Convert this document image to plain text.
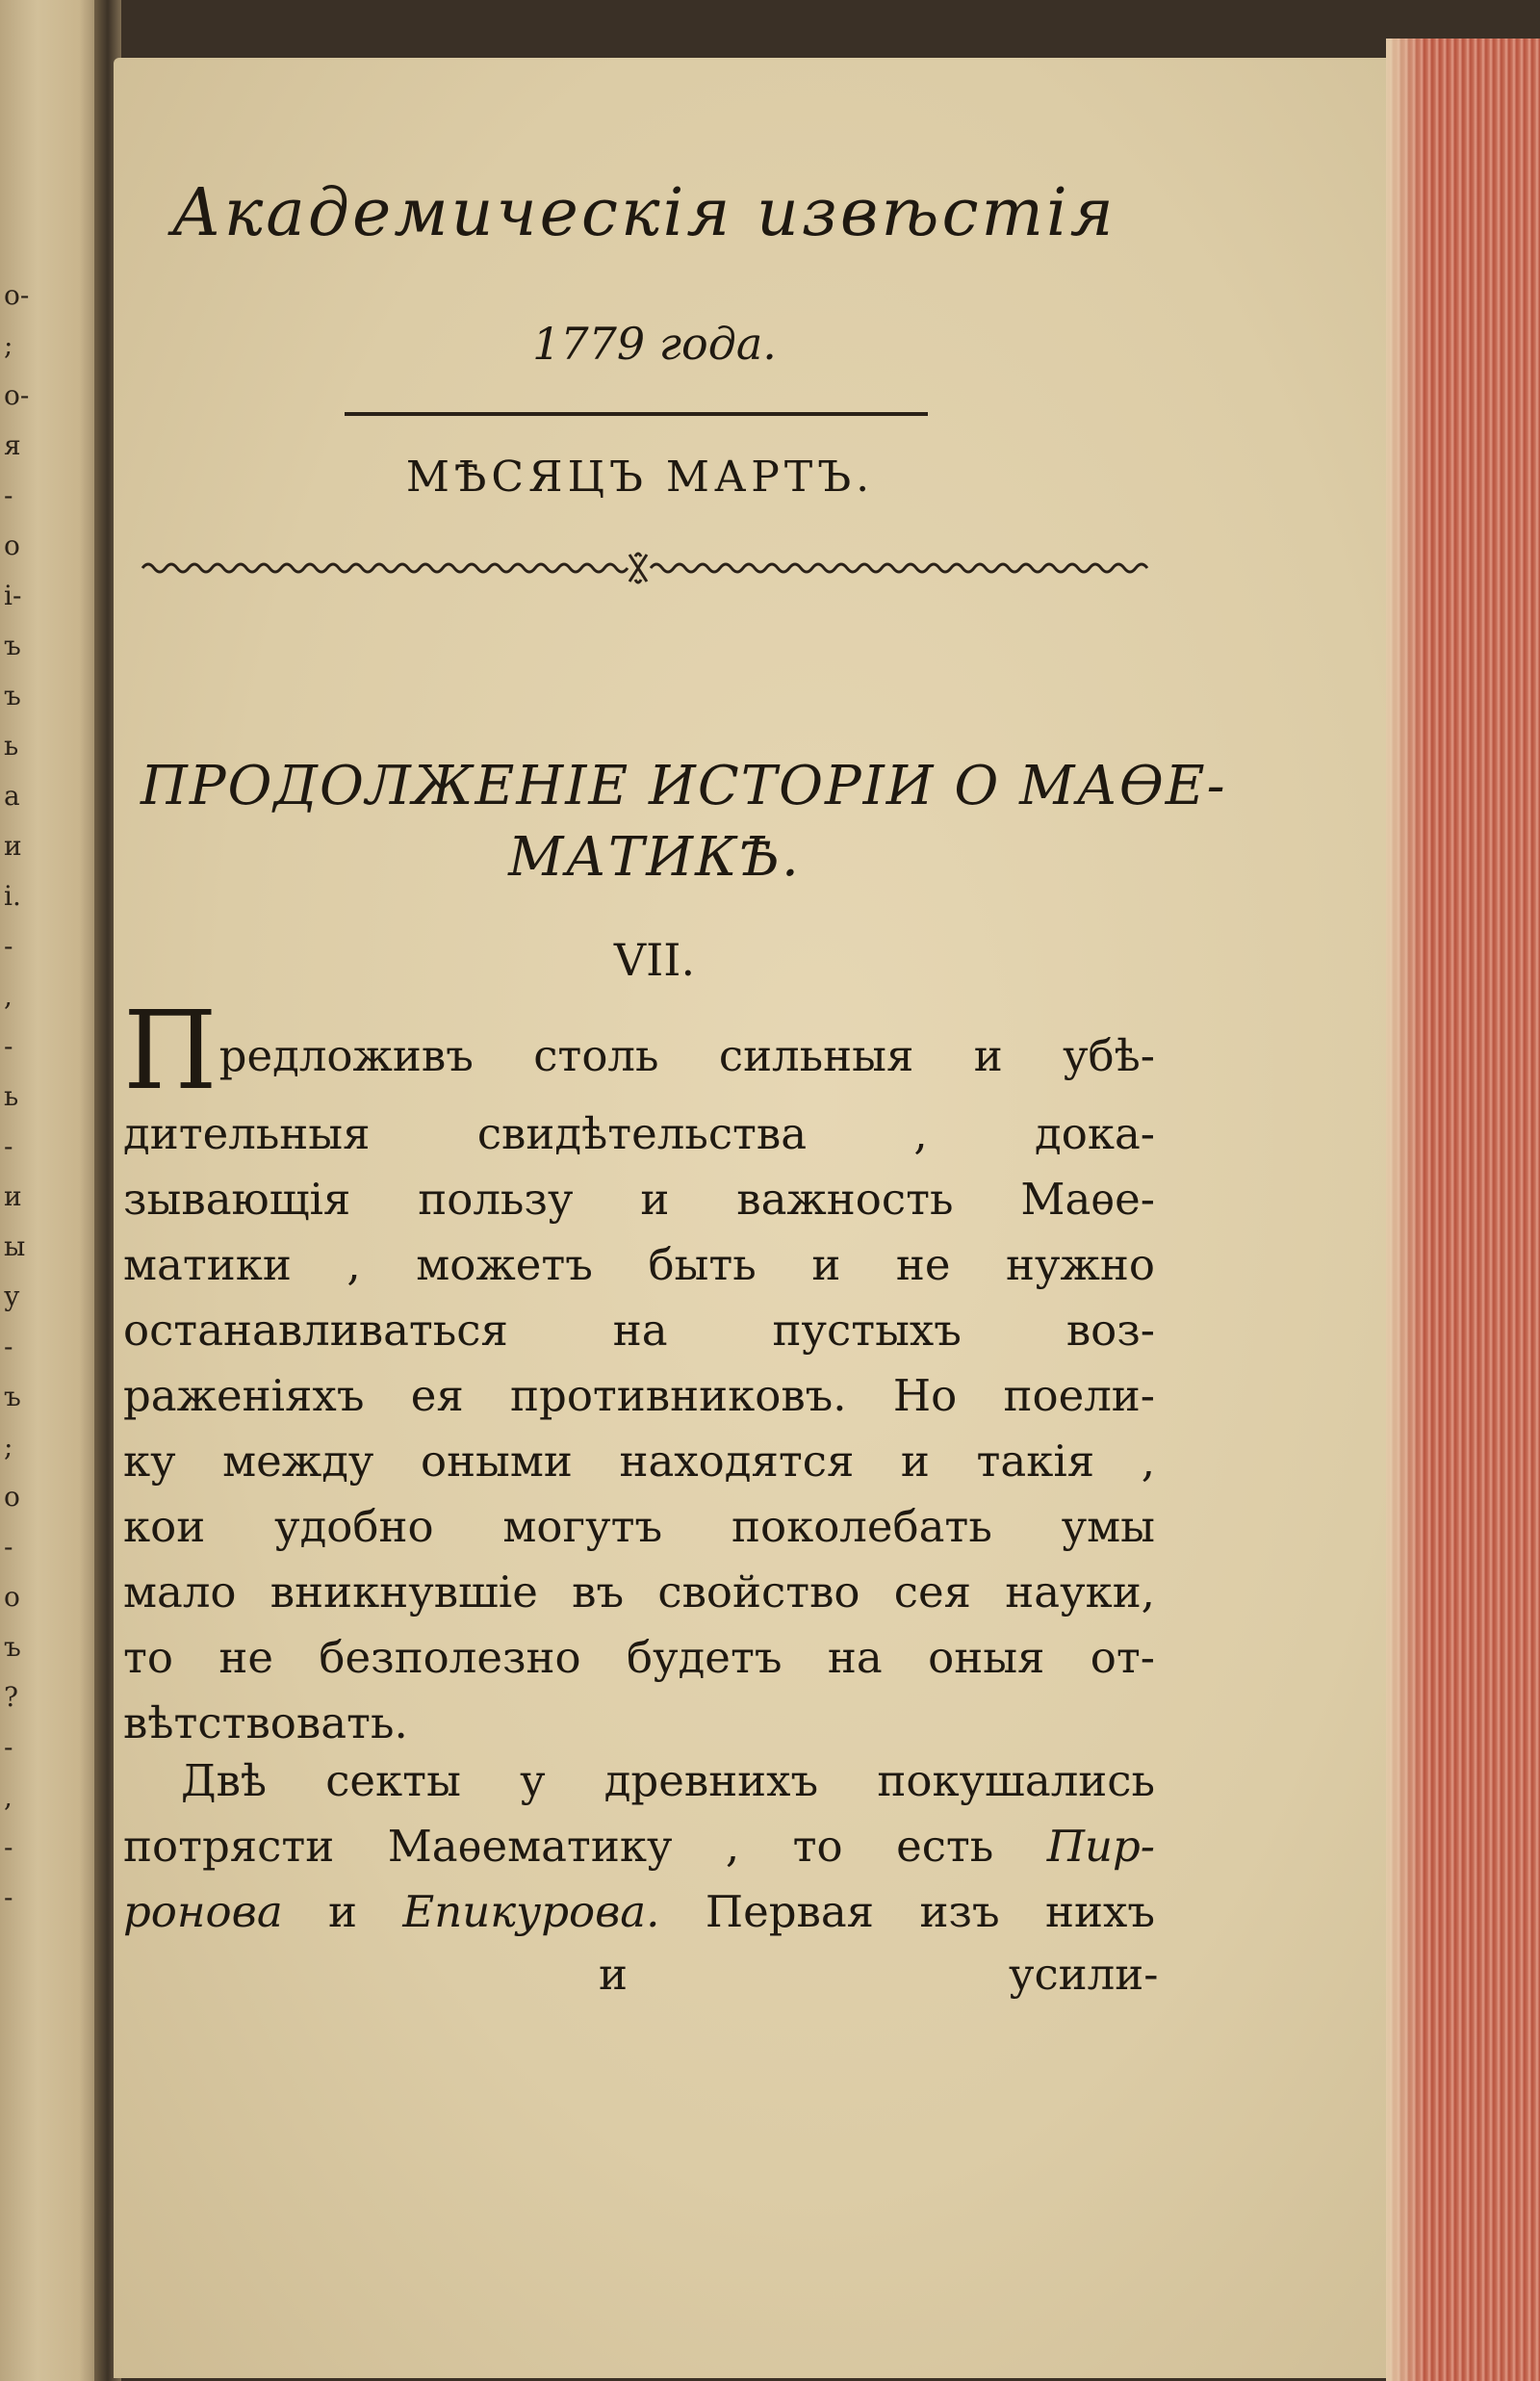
о-
;
о-
я
-
о
і-
ъ
ъ
ь
а
и
і.
-
,
-
ь
-
и
ы
у
-
ъ
;
о
-
о
ъ
?
-
,
-
-
Академическія извѣстія
1779 года.
МѢСЯЦЪ МАРТЪ.
ПРОДОЛЖЕНІЕ ИСТОРІИ О МАѲЕ-
МАТИКѢ.
VII.
Предложивъ столь сильныя и убѣ-
дительныя свидѣтельства , дока-
зывающія пользу и важность Маѳе-
матики , можетъ быть и не нужно
останавливаться на пустыхъ воз-
раженіяхъ ея противниковъ. Но поели-
ку между оными находятся и такія ,
кои удобно могутъ поколебать умы
мало вникнувшіе въ свойство сея науки,
то не безполезно будетъ на оныя от-
вѣтствовать.
Двѣ секты у древнихъ покушались
потрясти Маѳематику , то есть Пир-
ронова и Епикурова. Первая изъ нихъ
и	усили-
